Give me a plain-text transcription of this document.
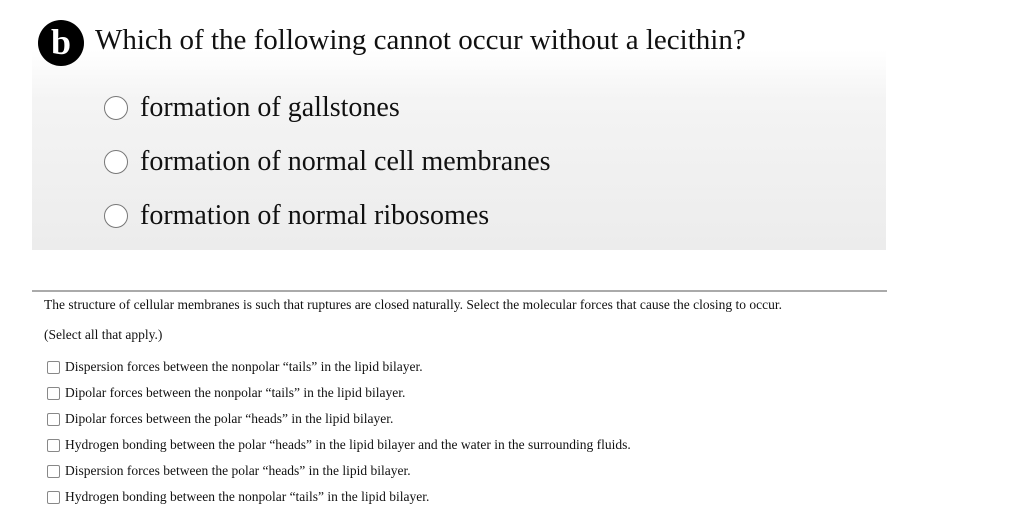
b Which of the following cannot occur without a lecithin?
formation of gallstones
formation of normal cell membranes
formation of normal ribosomes
The structure of cellular membranes is such that ruptures are closed naturally. Select the molecular forces that cause the closing to occur.
(Select all that apply.)
Dispersion forces between the nonpolar “tails” in the lipid bilayer.
Dipolar forces between the nonpolar “tails” in the lipid bilayer.
Dipolar forces between the polar “heads” in the lipid bilayer.
Hydrogen bonding between the polar “heads” in the lipid bilayer and the water in the surrounding fluids.
Dispersion forces between the polar “heads” in the lipid bilayer.
Hydrogen bonding between the nonpolar “tails” in the lipid bilayer.
